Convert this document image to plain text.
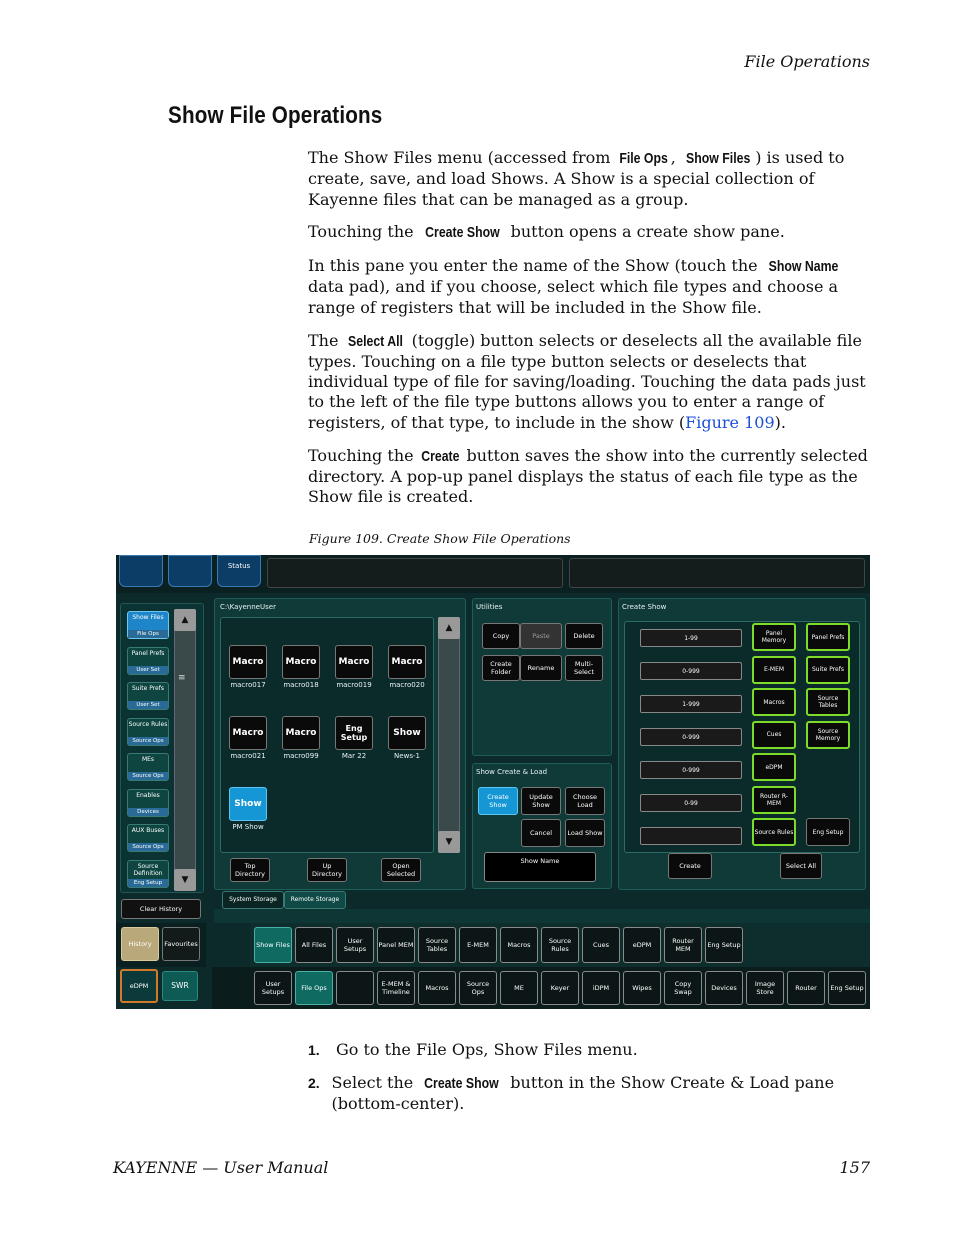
File Operations
Show File Operations

The Show Files menu (accessed from File Ops , Show Files ) is used to create, save, and load Shows. A Show is a special collection of Kayenne files that can be managed as a group.

Touching the Create Show button opens a create show pane.

In this pane you enter the name of the Show (touch the Show Name data pad), and if you choose, select which file types and choose a range of registers that will be included in the Show file.

The Select All (toggle) button selects or deselects all the available file types. Touching on a file type button selects or deselects that individual type of file for saving/loading. Touching the data pads just to the left of the file type buttons allows you to enter a range of registers, of that type, to include in the show (Figure 109).

Touching the Create button saves the show into the currently selected directory. A pop-up panel displays the status of each file type as the Show file is created.

Figure 109. Create Show File Operations
Status
▲
▼
≡
Clear History
History	Favourites
eDPM	SWR
C:\KayenneUser
▲
▼
System Storage	Remote Storage
Utilities
Show Create & Load
Show Name
Create Show
Create	Select All
Show Files
File Ops
Panel Prefs
User Set
Suite Prefs
User Set
Source Rules
Source Ops
MEs
Source Ops
Enables
Devices
AUX Buses
Source Ops
Source Definition
Eng Setup
Macro
macro017
Macro
macro018
Macro
macro019
Macro
macro020
Macro
macro021
Macro
macro099
Eng Setup
Mar 22
Show
News-1
Show
PM Show
Top Directory
Up Directory
Open Selected
Copy	Paste	Delete
Create Folder	Rename	Multi-Select
Create Show
Update Show
Choose Load
Cancel	Load Show
1-99
0-999
1-999
0-999
0-999
0-99
Panel Memory
E-MEM
Macros
Cues
eDPM
Router R-MEM
Source Rules
Panel Prefs
Suite Prefs
Source Tables
Source Memory
Eng Setup
Show Files	All Files	User Setups	Panel MEM	Source Tables	E-MEM	Macros	Source Rules	Cues	eDPM	Router MEM	Eng Setup
User Setups	File Ops	E-MEM & Timeline	Macros	Source Ops	ME	Keyer	iDPM	Wipes	Copy Swap	Devices	Image Store	Router	Eng Setup
1.	Go to the File Ops, Show Files menu.
2. Select the Create Show button in the Show Create & Load pane (bottom-center).
KAYENNE — User Manual	157
